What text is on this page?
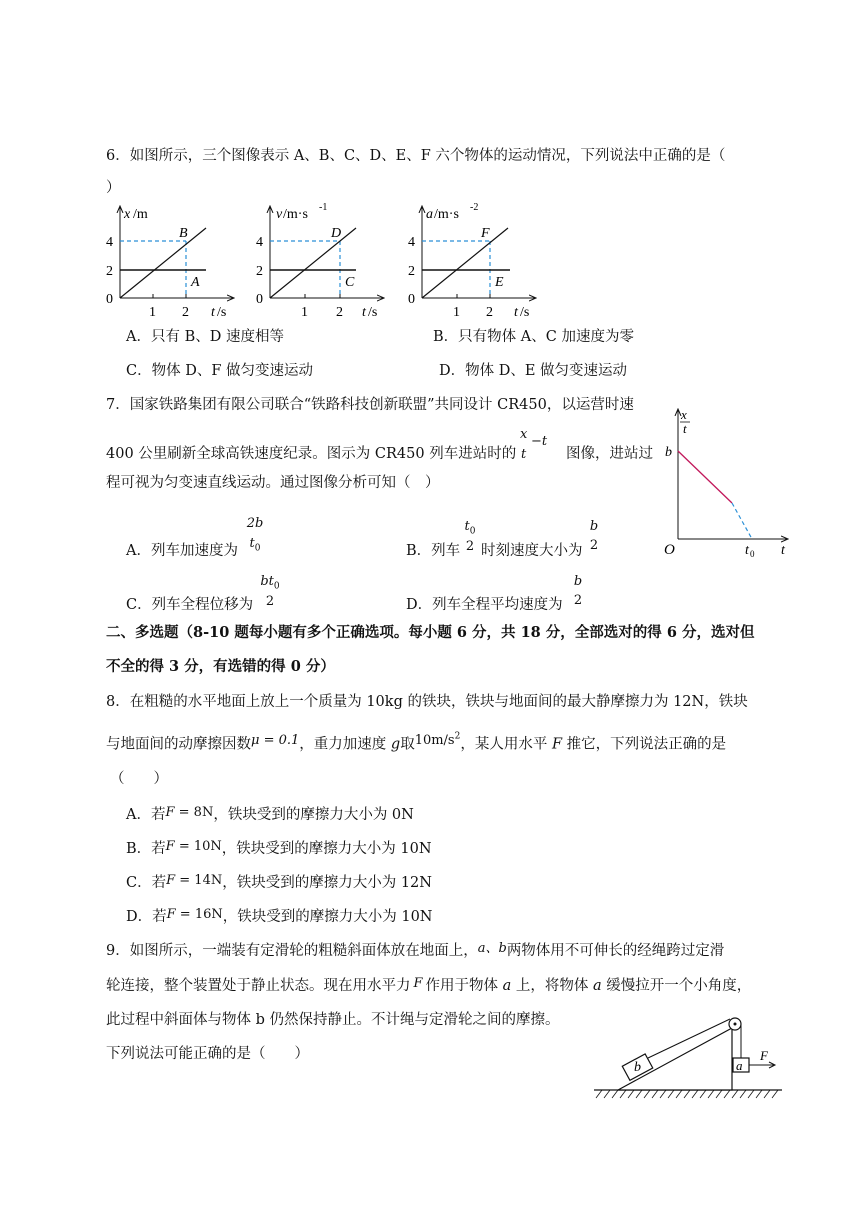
6．如图所示，三个图像表示 A、B、C、D、E、F 六个物体的运动情况，下列说法中正确的是（
）
x /m
B
A
4
2
0
1 2 t /s
v /m·s -1
D
C
4
2
0
1 2 t /s
a /m·s -2
F
E
4
2
0
1 2 t /s
A．只有 B、D 速度相等	B．只有物体 A、C 加速度为零
C．物体 D、F 做匀变速运动	D．物体 D、E 做匀变速运动
7．国家铁路集团有限公司联合“铁路科技创新联盟”共同设计 CR450，以运营时速
400 公里刷新全球高铁速度纪录。图示为 CR450 列车进站时的
x
t
−t
图像，进站过
程可视为匀变速直线运动。通过图像分析可知（　）
x
t
b
O	t 0 t
A．列车加速度为
2b
$t_0$	B．列车
$t_0$
2 时刻速度大小为
b
2
C．列车全程位移为
$bt_0$
2	D．列车全程平均速度为
b
2
二、多选题（8-10 题每小题有多个正确选项。每小题 6 分，共 18 分，全部选对的得 6 分，选对但
不全的得 3 分，有选错的得 0 分）
8．在粗糙的水平地面上放上一个质量为 10kg 的铁块，铁块与地面间的最大静摩擦力为 12N，铁块
与地面间的动摩擦因数μ = 0.1，重力加速度 g取$10m/s^2$，某人用水平 F 推它，下列说法正确的是
（　　）
A．若F = 8N，铁块受到的摩擦力大小为 0N
B．若F = 10N，铁块受到的摩擦力大小为 10N
C．若F = 14N，铁块受到的摩擦力大小为 12N
D．若F = 16N，铁块受到的摩擦力大小为 10N
9．如图所示，一端装有定滑轮的粗糙斜面体放在地面上，a、b两物体用不可伸长的经绳跨过定滑
轮连接，整个装置处于静止状态。现在用水平力 F 作用于物体 a 上，将物体 a 缓慢拉开一个小角度，
此过程中斜面体与物体 b 仍然保持静止。不计绳与定滑轮之间的摩擦。
下列说法可能正确的是（　　）
b	a
F
